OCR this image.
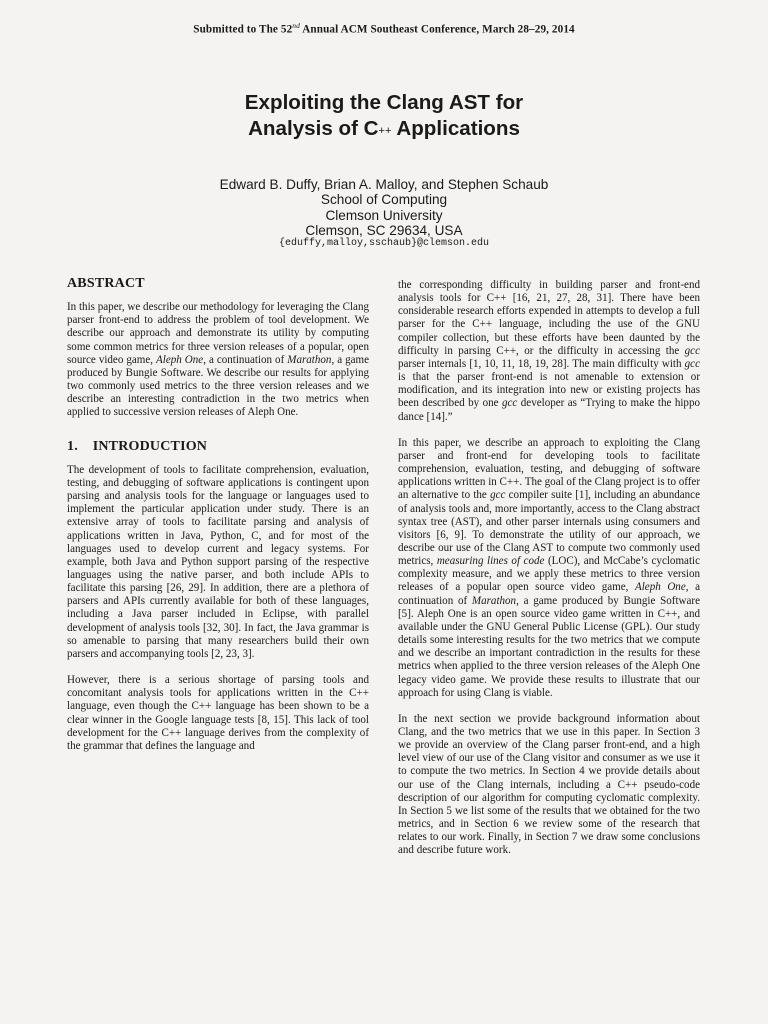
Submitted to The 52nd Annual ACM Southeast Conference, March 28–29, 2014
Exploiting the Clang AST for
Analysis of C++ Applications
Edward B. Duffy, Brian A. Malloy, and Stephen Schaub
School of Computing
Clemson University
Clemson, SC 29634, USA
{eduffy,malloy,sschaub}@clemson.edu
ABSTRACT

In this paper, we describe our methodology for leveraging the Clang parser front-end to address the problem of tool development. We describe our approach and demonstrate its utility by computing some common metrics for three version releases of a popular, open source video game, Aleph One, a continuation of Marathon, a game produced by Bungie Software. We describe our results for applying two commonly used metrics to the three version releases and we describe an interesting contradiction in the two metrics when applied to successive version releases of Aleph One.

1.    INTRODUCTION

The development of tools to facilitate comprehension, evaluation, testing, and debugging of software applications is contingent upon parsing and analysis tools for the language or languages used to implement the particular application under study. There is an extensive array of tools to facilitate parsing and analysis of applications written in Java, Python, C, and for most of the languages used to develop current and legacy systems. For example, both Java and Python support parsing of the respective languages using the native parser, and both include APIs to facilitate this parsing [26, 29]. In addition, there are a plethora of parsers and APIs currently available for both of these languages, including a Java parser included in Eclipse, with parallel development of analysis tools [32, 30]. In fact, the Java grammar is so amenable to parsing that many researchers build their own parsers and accompanying tools [2, 23, 3].

However, there is a serious shortage of parsing tools and concomitant analysis tools for applications written in the C++ language, even though the C++ language has been shown to be a clear winner in the Google language tests [8, 15]. This lack of tool development for the C++ language derives from the complexity of the grammar that defines the language and

the corresponding difficulty in building parser and front-end analysis tools for C++ [16, 21, 27, 28, 31]. There have been considerable research efforts expended in attempts to develop a full parser for the C++ language, including the use of the GNU compiler collection, but these efforts have been daunted by the difficulty in parsing C++, or the difficulty in accessing the gcc parser internals [1, 10, 11, 18, 19, 28]. The main difficulty with gcc is that the parser front-end is not amenable to extension or modification, and its integration into new or existing projects has been described by one gcc developer as “Trying to make the hippo dance [14].”

In this paper, we describe an approach to exploiting the Clang parser and front-end for developing tools to facilitate comprehension, evaluation, testing, and debugging of software applications written in C++. The goal of the Clang project is to offer an alternative to the gcc compiler suite [1], including an abundance of analysis tools and, more importantly, access to the Clang abstract syntax tree (AST), and other parser internals using consumers and visitors [6, 9]. To demonstrate the utility of our approach, we describe our use of the Clang AST to compute two commonly used metrics, measuring lines of code (LOC), and McCabe’s cyclomatic complexity measure, and we apply these metrics to three version releases of a popular open source video game, Aleph One, a continuation of Marathon, a game produced by Bungie Software [5]. Aleph One is an open source video game written in C++, and available under the GNU General Public License (GPL). Our study details some interesting results for the two metrics that we compute and we describe an important contradiction in the results for these metrics when applied to the three version releases of the Aleph One legacy video game. We provide these results to illustrate that our approach for using Clang is viable.

In the next section we provide background information about Clang, and the two metrics that we use in this paper. In Section 3 we provide an overview of the Clang parser front-end, and a high level view of our use of the Clang visitor and consumer as we use it to compute the two metrics. In Section 4 we provide details about our use of the Clang internals, including a C++ pseudo-code description of our algorithm for computing cyclomatic complexity. In Section 5 we list some of the results that we obtained for the two metrics, and in Section 6 we review some of the research that relates to our work. Finally, in Section 7 we draw some conclusions and describe future work.
